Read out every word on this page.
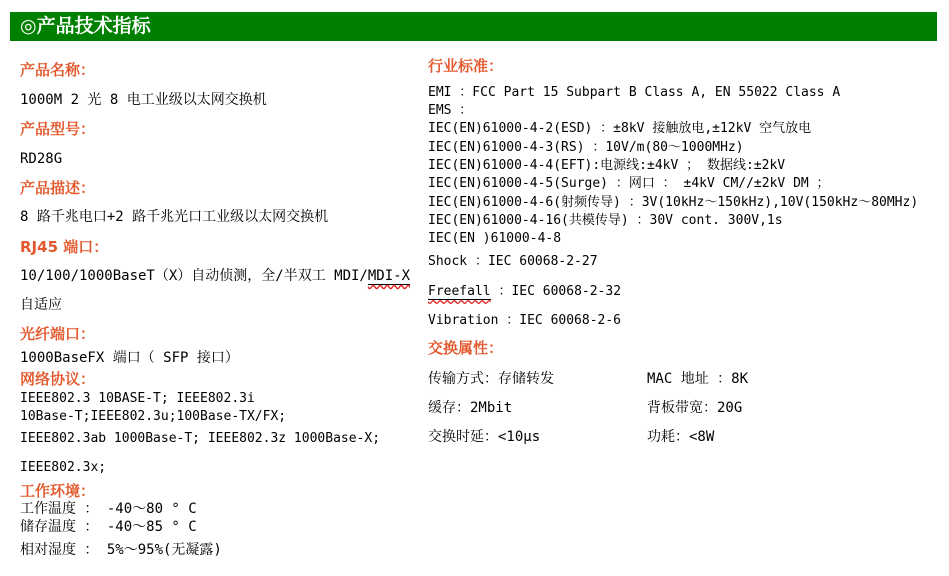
◎产品技术指标
产品名称：
1000M 2 光 8 电工业级以太网交换机
产品型号：
RD28G
产品描述：
8 路千兆电口+2 路千兆光口工业级以太网交换机
RJ45 端口：
10/100/1000BaseT（X）自动侦测，全/半双工 MDI/MDI-X
自适应
光纤端口：
1000BaseFX 端口（ SFP 接口）
网络协议：
IEEE802.3 10BASE-T; IEEE802.3i
10Base-T;IEEE802.3u;100Base-TX/FX;
IEEE802.3ab 1000Base-T; IEEE802.3z 1000Base-X;
IEEE802.3x;
工作环境：
工作温度 ： -40～80 ° C
储存温度 ： -40～85 ° C
相对湿度 ： 5%～95%(无凝露)
行业标准：
EMI ：FCC Part 15 Subpart B Class A, EN 55022 Class A
EMS ：
IEC(EN)61000-4-2(ESD) ：±8kV 接触放电,±12kV 空气放电
IEC(EN)61000-4-3(RS) ：10V/m(80～1000MHz)
IEC(EN)61000-4-4(EFT):电源线:±4kV ； 数据线:±2kV
IEC(EN)61000-4-5(Surge) ：网口 ： ±4kV CM//±2kV DM ；
IEC(EN)61000-4-6(射频传导) ：3V(10kHz～150kHz),10V(150kHz～80MHz)
IEC(EN)61000-4-16(共模传导) ：30V cont. 300V,1s
IEC(EN )61000-4-8
Shock ：IEC 60068-2-27
Freefall ：IEC 60068-2-32
Vibration ：IEC 60068-2-6
交换属性：
传输方式：存储转发	MAC 地址 ：8K
缓存：2Mbit	背板带宽：20G
交换时延：<10μs	功耗：<8W
